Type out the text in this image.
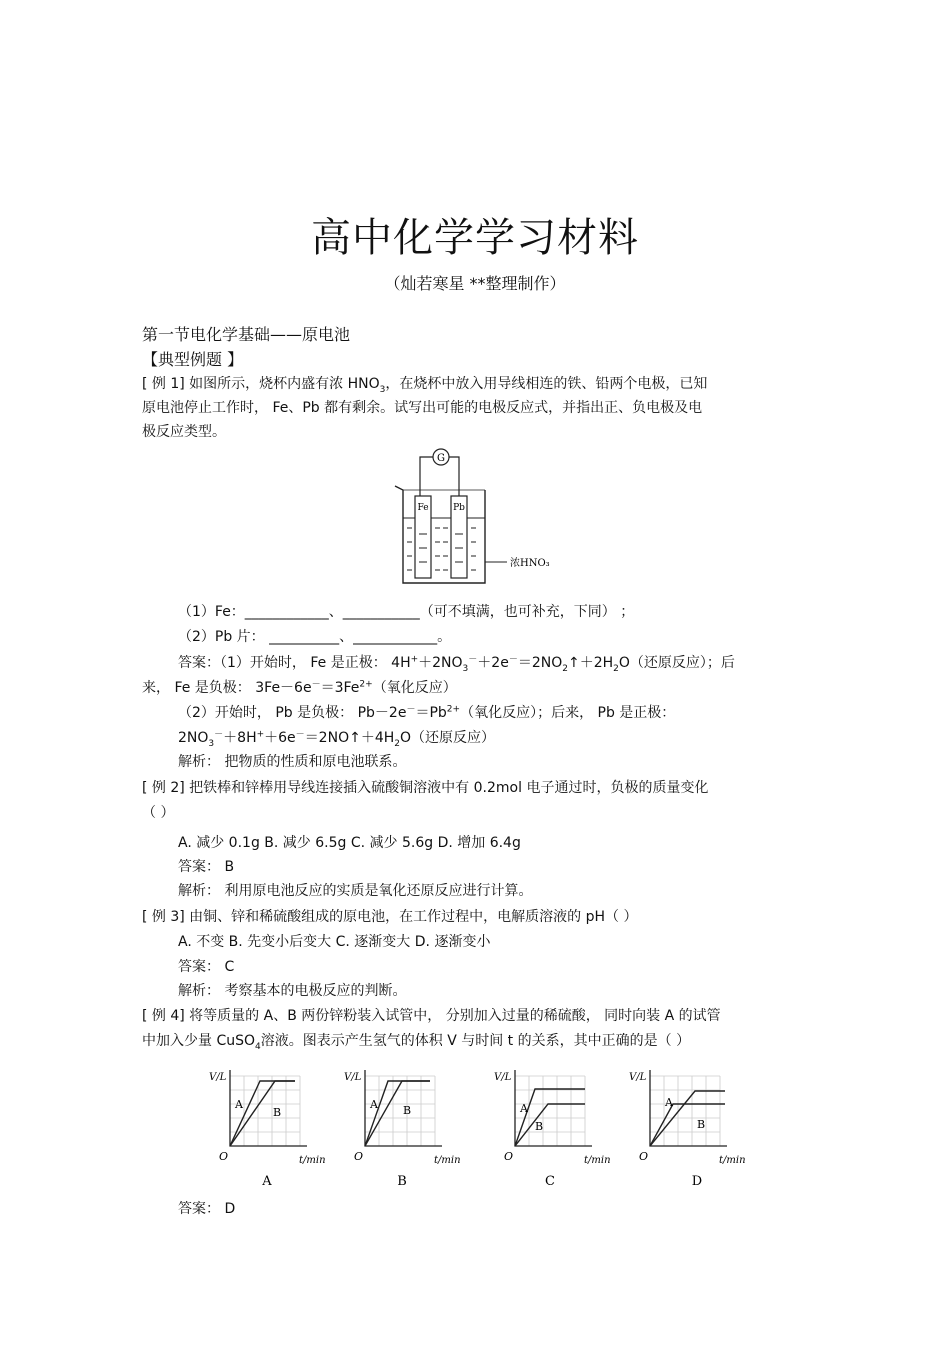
高中化学学习材料
（灿若寒星 **整理制作）
第一节电化学基础——原电池
【典型例题 】
[ 例 1] 如图所示，烧杯内盛有浓 $HNO_3$，在烧杯中放入用导线相连的铁、铅两个电极，已知
原电池停止工作时， Fe、Pb 都有剩余。试写出可能的电极反应式，并指出正、负电极及电
极反应类型。
G
Fe	Pb
浓HNO₃
（1）Fe：____________、___________（可不填满，也可补充，下同） ；
（2）Pb 片： __________、____________。
答案：（1）开始时， Fe 是正极： $4H^++2NO_3^-+2e^-=2NO_2↑+2H_2O$（还原反应）；后
来， Fe 是负极： $3Fe-6e^-=3Fe^{2+}$（氧化反应）
（2）开始时， Pb 是负极： $Pb-2e^-=Pb^{2+}$（氧化反应）；后来， Pb 是正极：
$2NO_3^-+8H^++6e^-=2NO↑+4H_2O$（还原反应）
解析： 把物质的性质和原电池联系。
[ 例 2] 把铁棒和锌棒用导线连接插入硫酸铜溶液中有 0.2mol 电子通过时，负极的质量变化
（ ）
A. 减少 0.1g B. 减少 6.5g C. 减少 5.6g D. 增加 6.4g
答案： B
解析： 利用原电池反应的实质是氧化还原反应进行计算。
[ 例 3] 由铜、锌和稀硫酸组成的原电池，在工作过程中，电解质溶液的 pH（ ）
A. 不变 B. 先变小后变大 C. 逐渐变大 D. 逐渐变小
答案： C
解析： 考察基本的电极反应的判断。
[ 例 4] 将等质量的 A、B 两份锌粉装入试管中， 分别加入过量的稀硫酸， 同时向装 A 的试管
中加入少量 CuSO$_4$溶液。图表示产生氢气的体积 V 与时间 t 的关系，其中正确的是（ ）
V/L
t/min
O
A
B
A
V/L
t/min
O
A B
B
V/L
t/min
O
A
B
C
V/L
t/min
O
A
B
D
答案： D
